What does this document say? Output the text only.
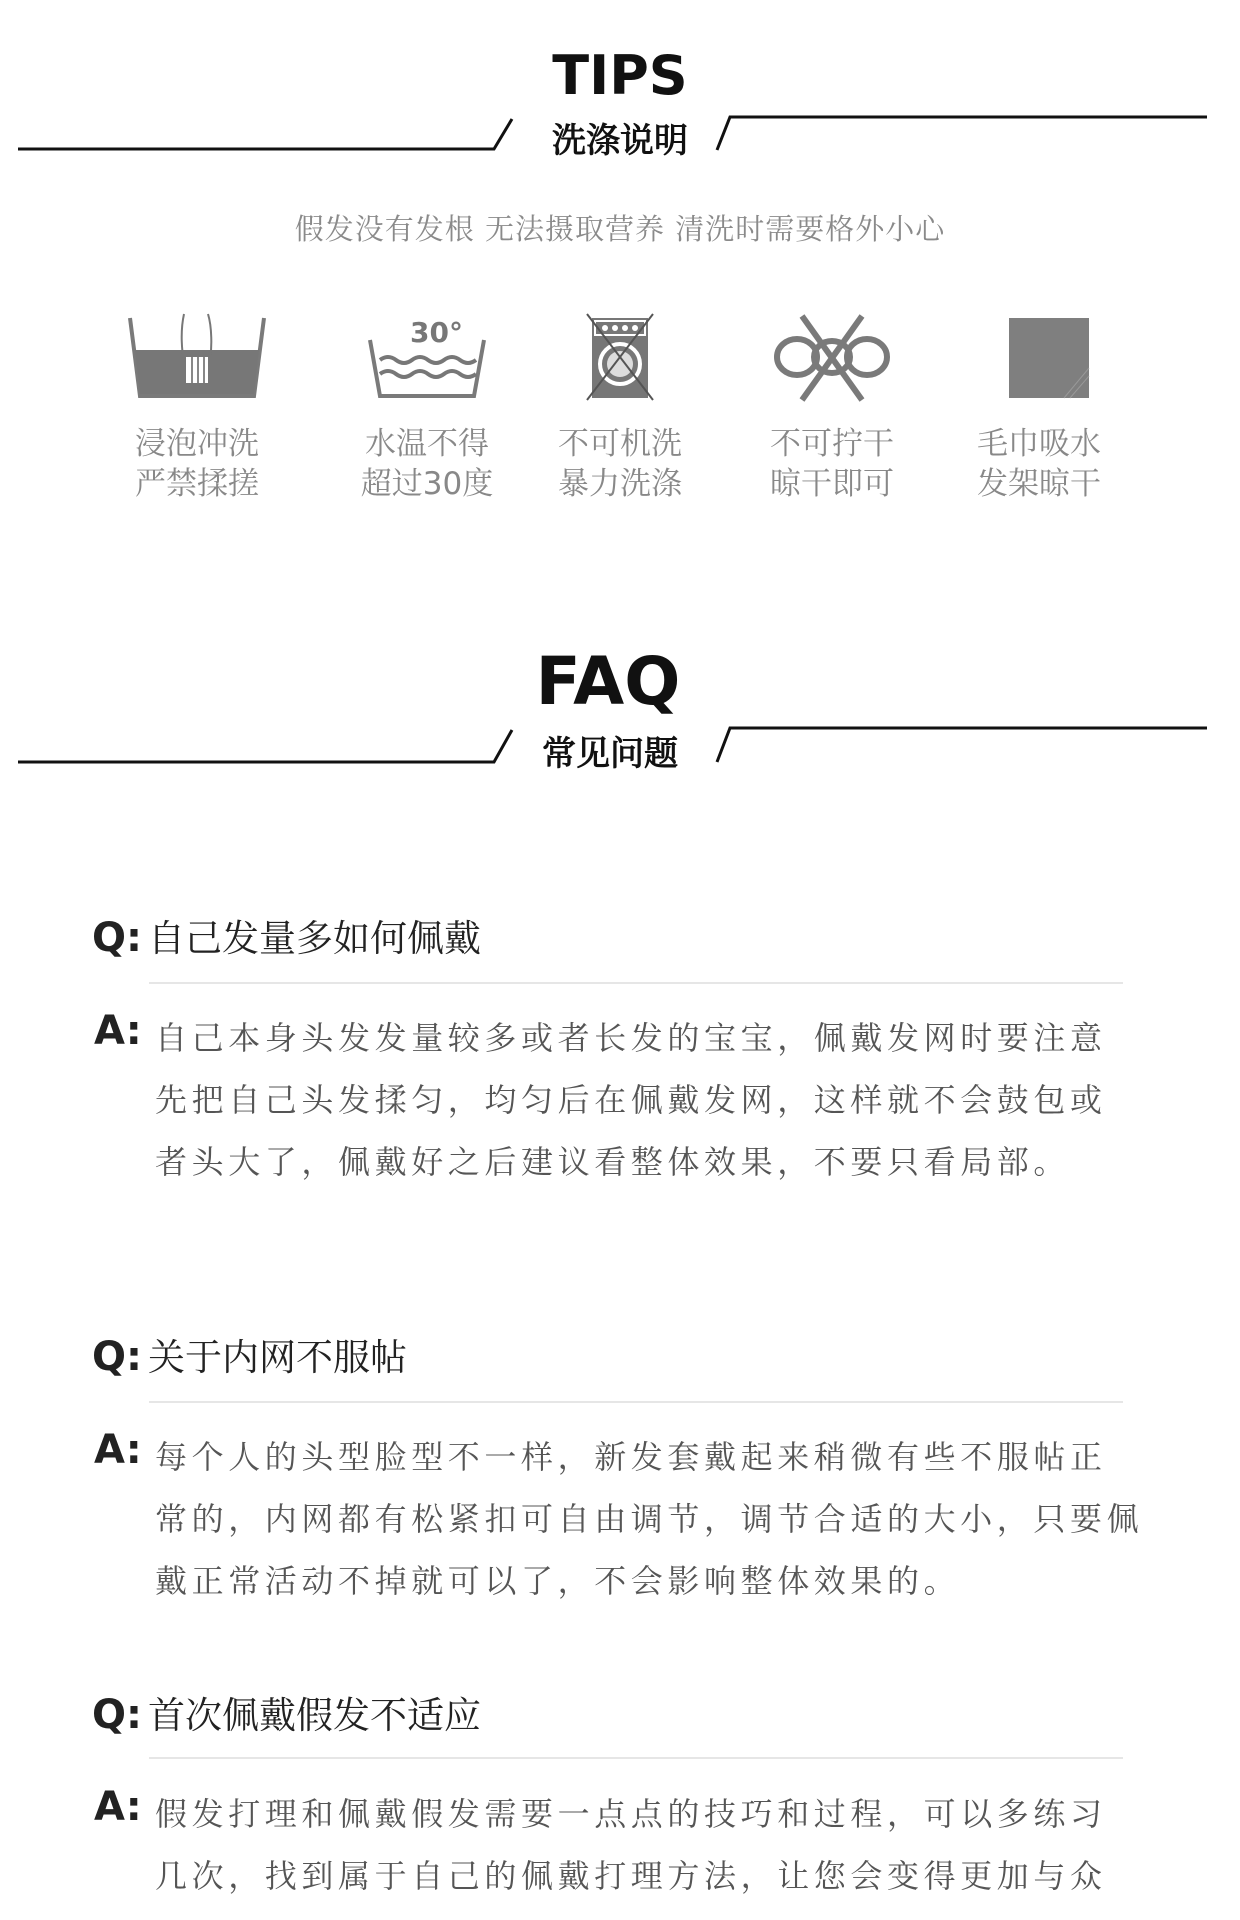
TIPS
洗涤说明
假发没有发根 无法摄取营养 清洗时需要格外小心
30°
浸泡冲洗
严禁揉搓
水温不得
超过30度
不可机洗
暴力洗涤
不可拧干
晾干即可
毛巾吸水
发架晾干
FAQ
常见问题
Q: 自己发量多如何佩戴
A: 自己本身头发发量较多或者长发的宝宝，佩戴发网时要注意
先把自己头发揉匀，均匀后在佩戴发网，这样就不会鼓包或
者头大了，佩戴好之后建议看整体效果，不要只看局部。
Q: 关于内网不服帖
A: 每个人的头型脸型不一样，新发套戴起来稍微有些不服帖正
常的，内网都有松紧扣可自由调节，调节合适的大小，只要佩
戴正常活动不掉就可以了，不会影响整体效果的。
Q: 首次佩戴假发不适应
A: 假发打理和佩戴假发需要一点点的技巧和过程，可以多练习
几次，找到属于自己的佩戴打理方法，让您会变得更加与众
